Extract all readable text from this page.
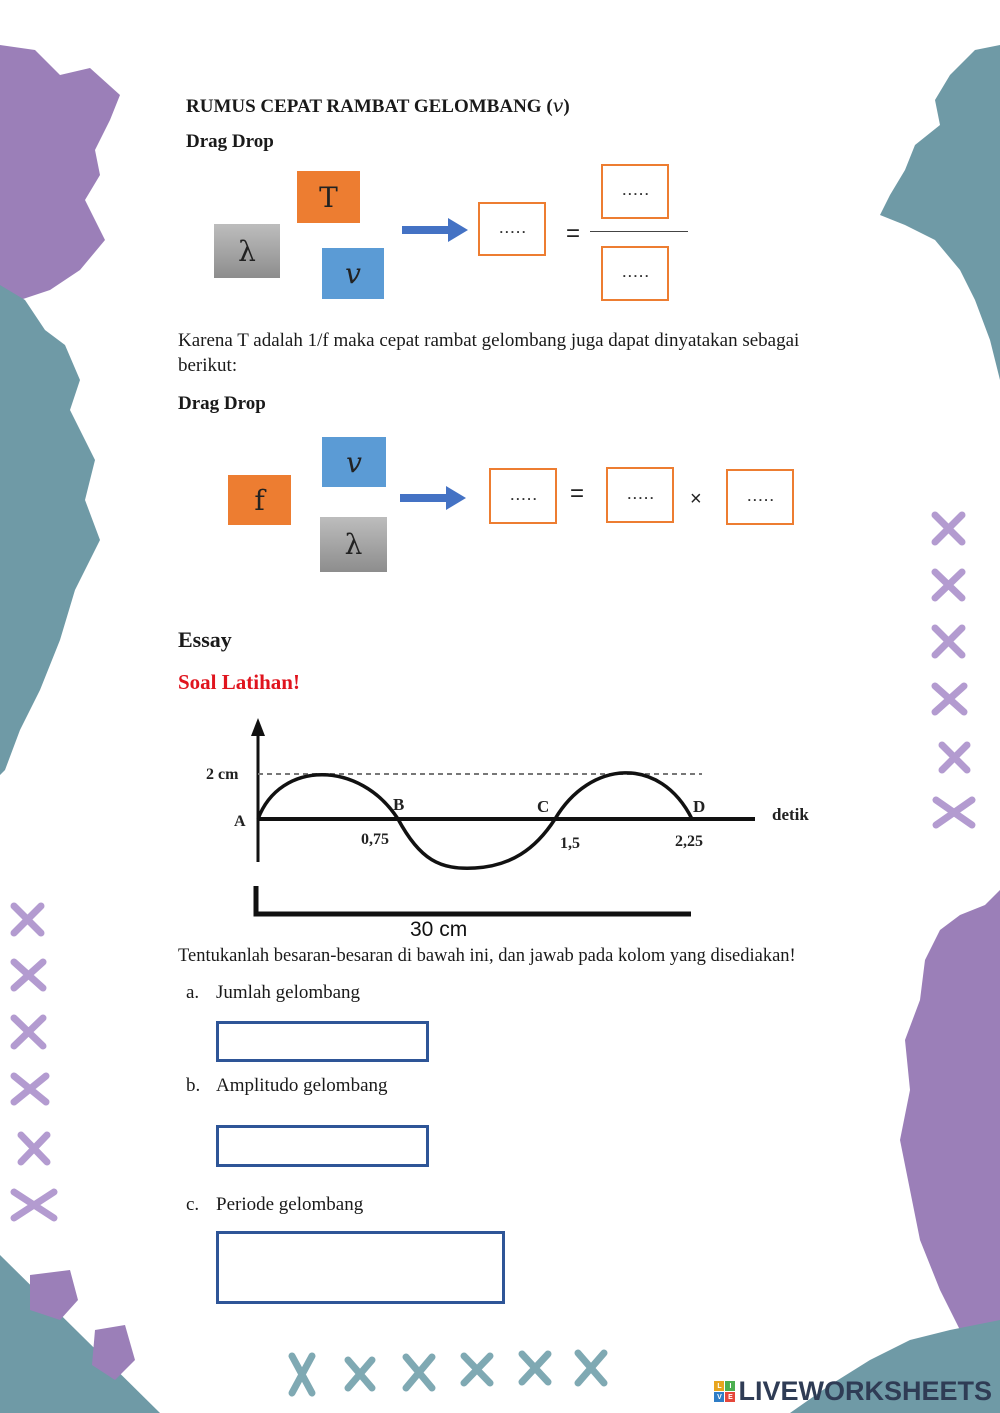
RUMUS CEPAT RAMBAT GELOMBANG (v)
Drag Drop
T
λ
v
.....	=
.....
.....
Karena T adalah 1/f maka cepat rambat gelombang juga dapat dinyatakan sebagai berikut:
Drag Drop
v
f
λ
.....	=	.....	×	.....
Essay
Soal Latihan!
2 cm
A
B	C	D
0,75	1,5	2,25
detik
30 cm
Tentukanlah besaran-besaran di bawah ini, dan jawab pada kolom yang disediakan!
a. Jumlah gelombang
b. Amplitudo gelombang
c. Periode gelombang
L	I
V E LIVEWORKSHEETS
